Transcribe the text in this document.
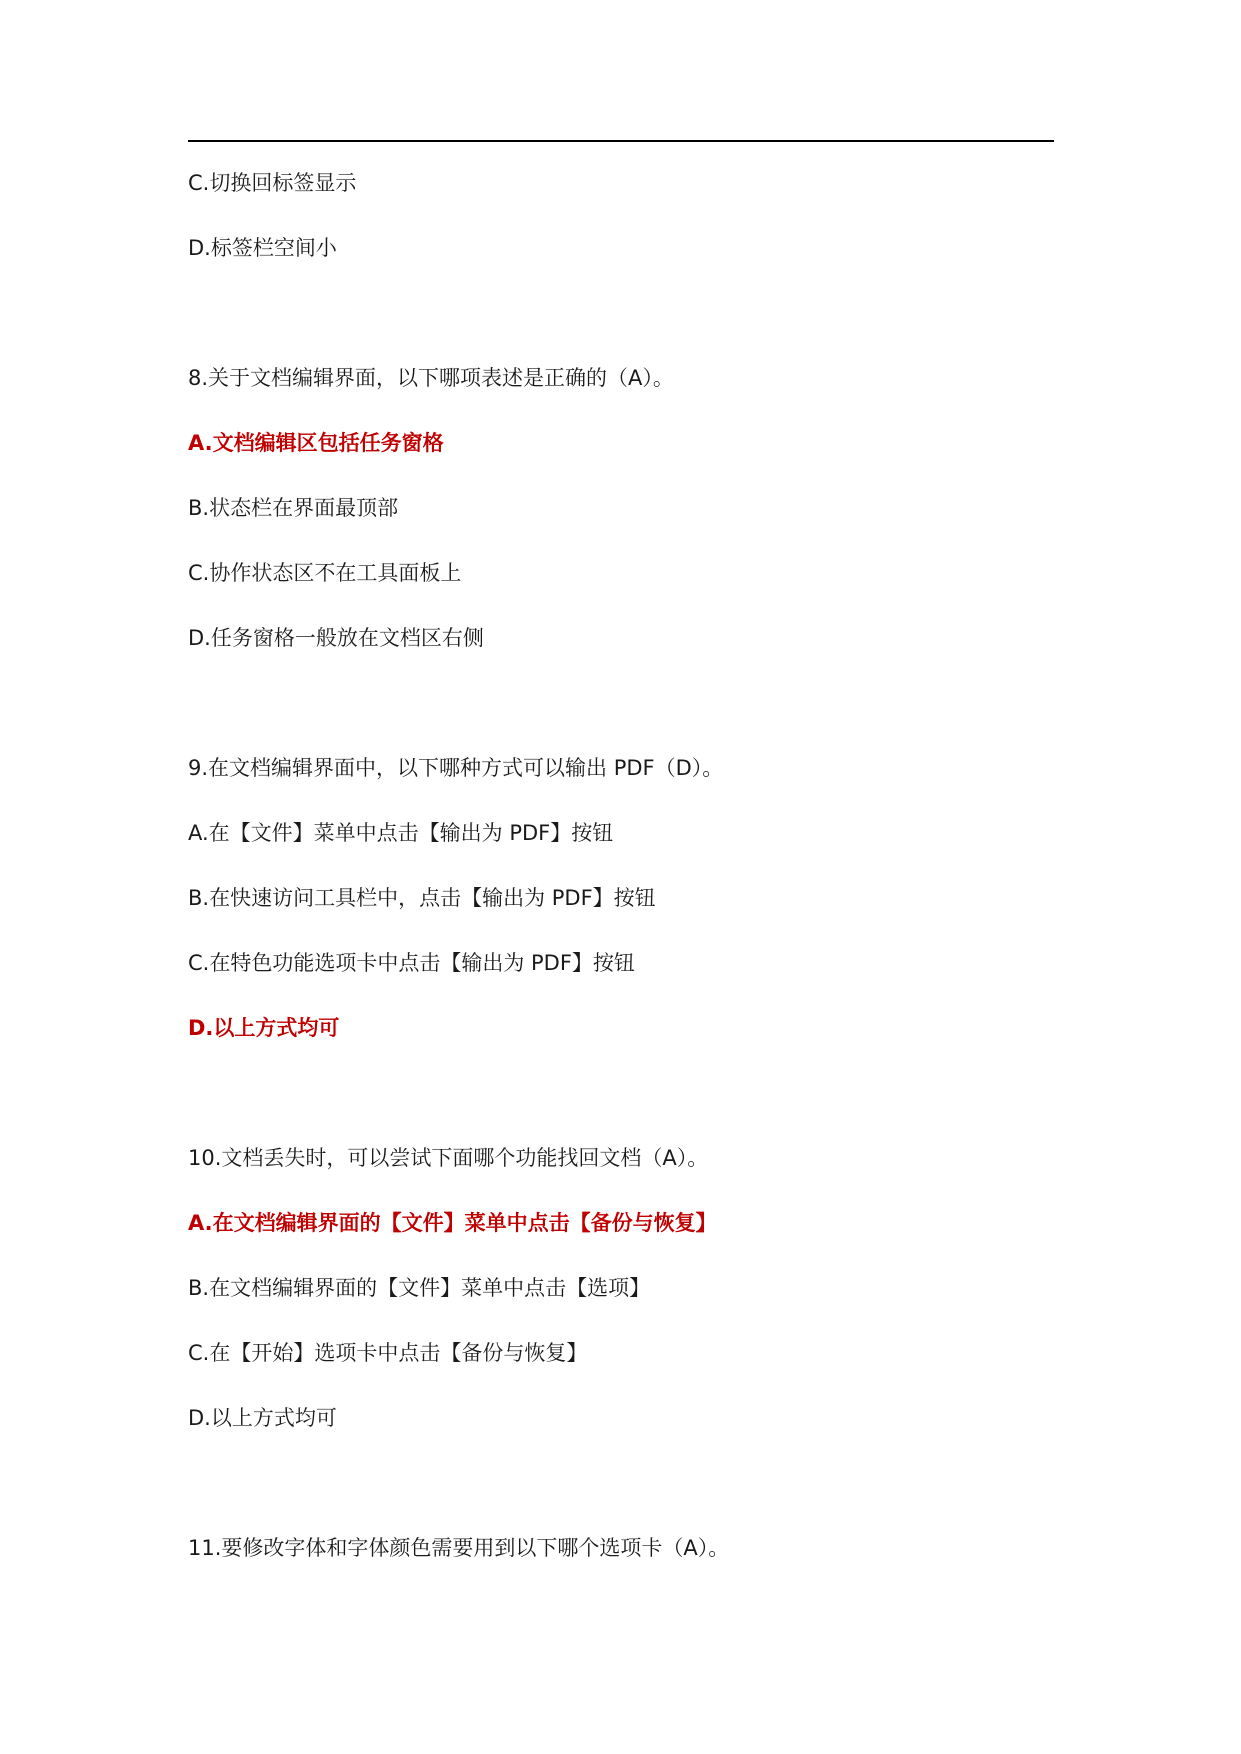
C.切换回标签显示
D.标签栏空间小
8.关于文档编辑界面，以下哪项表述是正确的（A）。
A.文档编辑区包括任务窗格
B.状态栏在界面最顶部
C.协作状态区不在工具面板上
D.任务窗格一般放在文档区右侧
9.在文档编辑界面中，以下哪种方式可以输出 PDF（D）。
A.在【文件】菜单中点击【输出为 PDF】按钮
B.在快速访问工具栏中，点击【输出为 PDF】按钮
C.在特色功能选项卡中点击【输出为 PDF】按钮
D.以上方式均可
10.文档丢失时，可以尝试下面哪个功能找回文档（A）。
A.在文档编辑界面的【文件】菜单中点击【备份与恢复】
B.在文档编辑界面的【文件】菜单中点击【选项】
C.在【开始】选项卡中点击【备份与恢复】
D.以上方式均可
11.要修改字体和字体颜色需要用到以下哪个选项卡（A）。
